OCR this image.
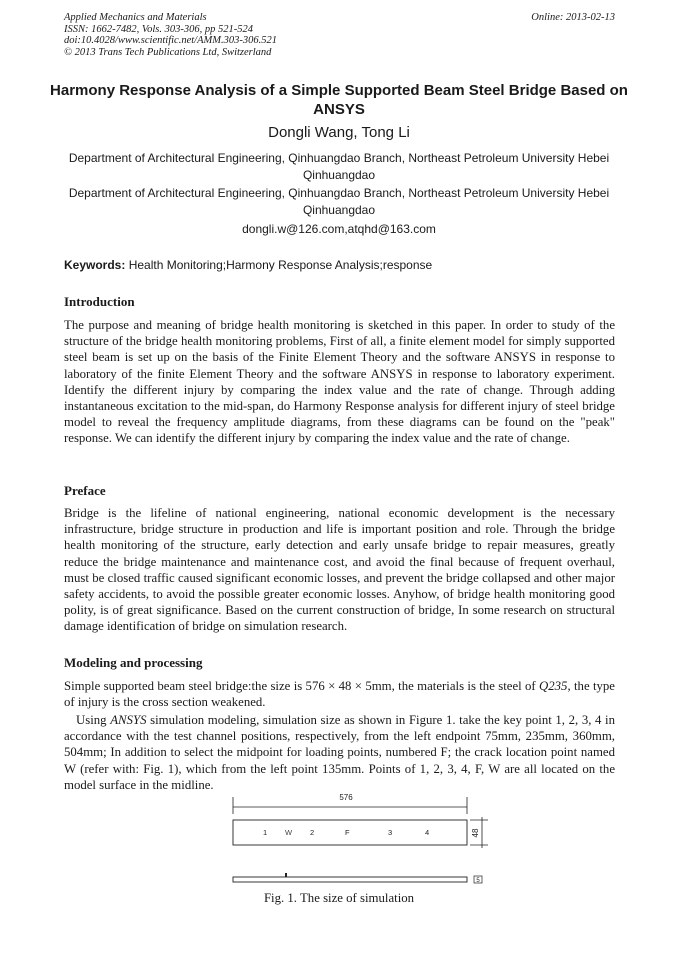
Applied Mechanics and Materials
ISSN: 1662-7482, Vols. 303-306, pp 521-524
doi:10.4028/www.scientific.net/AMM.303-306.521
© 2013 Trans Tech Publications Ltd, Switzerland
Online: 2013-02-13
Harmony Response Analysis of a Simple Supported Beam Steel Bridge Based on ANSYS
Dongli Wang, Tong Li
Department of Architectural Engineering, Qinhuangdao Branch, Northeast Petroleum University Hebei Qinhuangdao
Department of Architectural Engineering, Qinhuangdao Branch, Northeast Petroleum University Hebei Qinhuangdao
dongli.w@126.com,atqhd@163.com
Keywords: Health Monitoring;Harmony Response Analysis;response
Introduction
The purpose and meaning of bridge health monitoring is sketched in this paper. In order to study of the structure of the bridge health monitoring problems, First of all, a finite element model for simply supported steel beam is set up on the basis of the Finite Element Theory and the software ANSYS in response to laboratory of the finite Element Theory and the software ANSYS in response to laboratory experiment. Identify the different injury by comparing the index value and the rate of change. Through adding instantaneous excitation to the mid-span, do Harmony Response analysis for different injury of steel bridge model to reveal the frequency amplitude diagrams, from these diagrams can be found on the "peak" response. We can identify the different injury by comparing the index value and the rate of change.
Preface
Bridge is the lifeline of national engineering, national economic development is the necessary infrastructure, bridge structure in production and life is important position and role. Through the bridge health monitoring of the structure, early detection and early unsafe bridge to repair measures, greatly reduce the bridge maintenance and maintenance cost, and avoid the final because of frequent overhaul, must be closed traffic caused significant economic losses, and prevent the bridge collapsed and other major safety accidents, to avoid the possible greater economic losses. Anyhow, of bridge health monitoring good polity, is of great significance. Based on the current construction of bridge, In some research on structural damage identification of bridge on simulation research.
Modeling and processing
Simple supported beam steel bridge:the size is 576 × 48 × 5mm, the materials is the steel of Q235, the type of injury is the cross section weakened.
Using ANSYS simulation modeling, simulation size as shown in Figure 1. take the key point 1, 2, 3, 4 in accordance with the test channel positions, respectively, from the left endpoint 75mm, 235mm, 360mm, 504mm; In addition to select the midpoint for loading points, numbered F; the crack location point named W (refer with: Fig. 1), which from the left point 135mm. Points of 1, 2, 3, 4, F, W are all located on the model surface in the midline.
576
1 W 2	F	3	4	48
5
Fig. 1. The size of simulation
